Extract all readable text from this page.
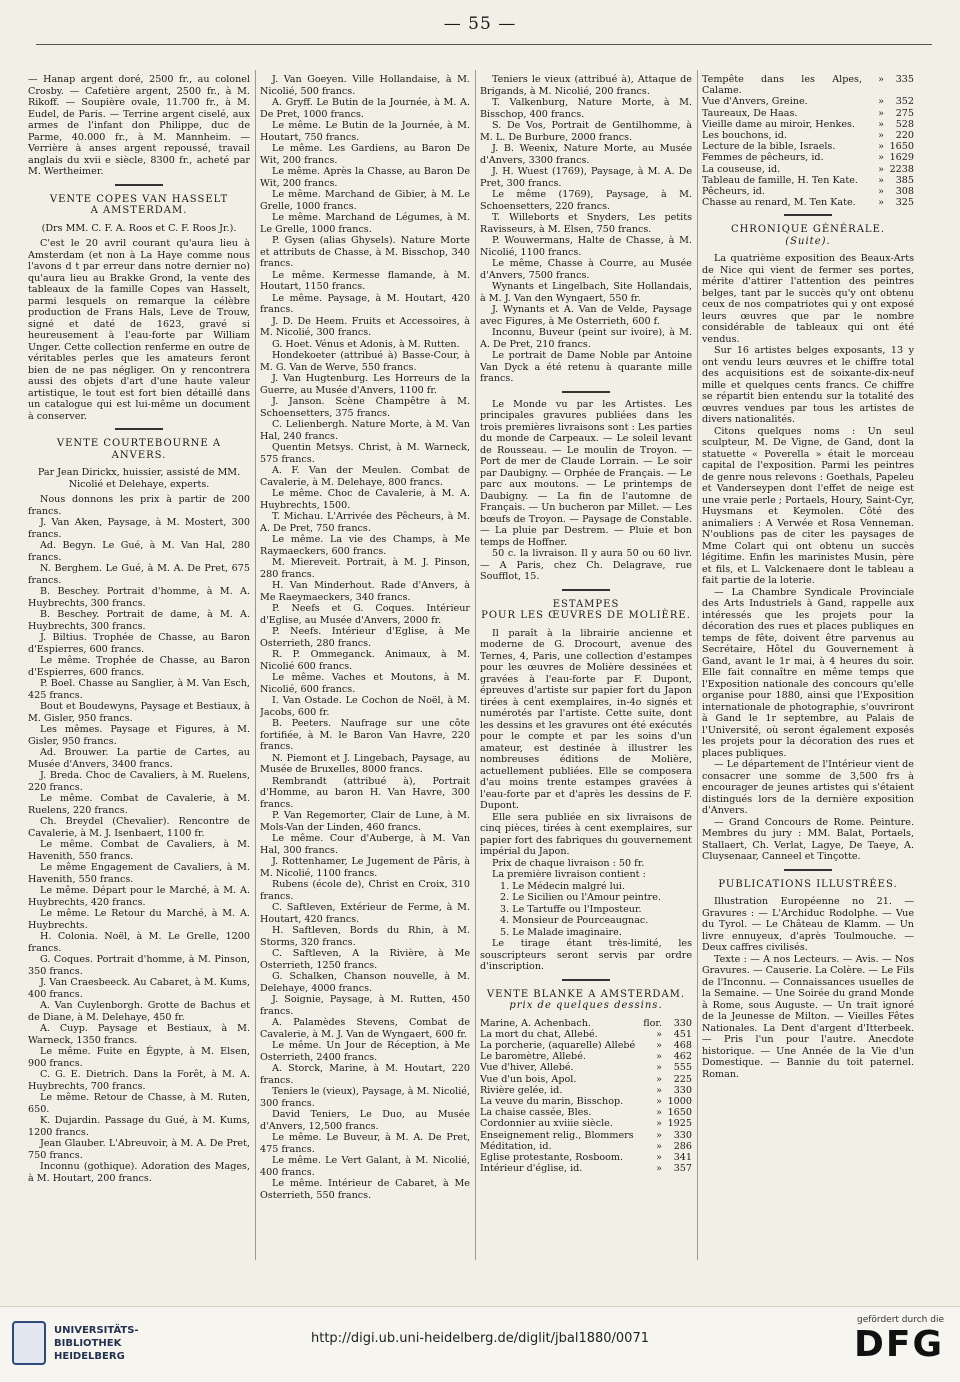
— 55 —

— Hanap argent doré, 2500 fr., au colonel Crosby. — Cafetière argent, 2500 fr., à M. Rikoff. — Soupière ovale, 11.700 fr., à M. Eudel, de Paris. — Terrine argent ciselé, aux armes de l'infant don Philippe, duc de Parme, 40.000 fr., à M. Mannheim. — Verrière à anses argent repoussé, travail anglais du xvii e siècle, 8300 fr., acheté par M. Wertheimer.

VENTE COPES VAN HASSELT
A AMSTERDAM.

(Drs MM. C. F. A. Roos et C. F. Roos Jr.).

C'est le 20 avril courant qu'aura lieu à Amsterdam (et non à La Haye comme nous l'avons d t par erreur dans notre dernier no) qu'aura lieu au Brakke Grond, la vente des tableaux de la famille Copes van Hasselt, parmi lesquels on remarque la célèbre production de Frans Hals, Leve de Trouw, signé et daté de 1623, gravé si heureusement à l'eau-forte par William Unger. Cette collection renferme en outre de véritables perles que les amateurs feront bien de ne pas négliger. On y rencontrera aussi des objets d'art d'une haute valeur artistique, le tout est fort bien détaillé dans un catalogue qui est lui-même un document à conserver.

VENTE COURTEBOURNE A
ANVERS.

Par Jean Dirickx, huissier, assisté de MM. Nicolié et Delehaye, experts.

Nous donnons les prix à partir de 200 francs.

J. Van Aken, Paysage, à M. Mostert, 300 francs.

Ad. Begyn. Le Gué, à M. Van Hal, 280 francs.

N. Berghem. Le Gué, à M. A. De Pret, 675 francs.

B. Beschey. Portrait d'homme, à M. A. Huybrechts, 300 francs.

B. Beschey. Portrait de dame, à M. A. Huybrechts, 300 francs.

J. Biltius. Trophée de Chasse, au Baron d'Espierres, 600 francs.

Le même. Trophée de Chasse, au Baron d'Espierres, 600 francs.

P. Boel. Chasse au Sanglier, à M. Van Esch, 425 francs.

Bout et Boudewyns, Paysage et Bestiaux, à M. Gisler, 950 francs.

Les mêmes. Paysage et Figures, à M. Gisler, 950 francs.

Ad. Brouwer. La partie de Cartes, au Musée d'Anvers, 3400 francs.

J. Breda. Choc de Cavaliers, à M. Ruelens, 220 francs.

Le même. Combat de Cavalerie, à M. Ruelens, 220 francs.

Ch. Breydel (Chevalier). Rencontre de Cavalerie, à M. J. Isenbaert, 1100 fr.

Le même. Combat de Cavaliers, à M. Havenith, 550 francs.

Le même Engagement de Cavaliers, à M. Havenith, 550 francs.

Le même. Départ pour le Marché, à M. A. Huybrechts, 420 francs.

Le même. Le Retour du Marché, à M. A. Huybrechts.

H. Colonia. Noël, à M. Le Grelle, 1200 francs.

G. Coques. Portrait d'homme, à M. Pinson, 350 francs.

J. Van Craesbeeck. Au Cabaret, à M. Kums, 400 francs.

A. Van Cuylenborgh. Grotte de Bachus et de Diane, à M. Delehaye, 450 fr.

A. Cuyp. Paysage et Bestiaux, à M. Warneck, 1350 francs.

Le même. Fuite en Égypte, à M. Elsen, 900 francs.

C. G. E. Dietrich. Dans la Forêt, à M. A. Huybrechts, 700 francs.

Le même. Retour de Chasse, à M. Ruten, 650.

K. Dujardin. Passage du Gué, à M. Kums, 1200 francs.

Jean Glauber. L'Abreuvoir, à M. A. De Pret, 750 francs.

Inconnu (gothique). Adoration des Mages, à M. Houtart, 200 francs.

J. Van Goeyen. Ville Hollandaise, à M. Nicolié, 500 francs.

A. Gryff. Le Butin de la Journée, à M. A. De Pret, 1000 francs.

Le même. Le Butin de la Journée, à M. Houtart, 750 francs.

Le même. Les Gardiens, au Baron De Wit, 200 francs.

Le même. Après la Chasse, au Baron De Wit, 200 francs.

Le même. Marchand de Gibier, à M. Le Grelle, 1000 francs.

Le même. Marchand de Légumes, à M. Le Grelle, 1000 francs.

P. Gysen (alias Ghysels). Nature Morte et attributs de Chasse, à M. Bisschop, 340 francs.

Le même. Kermesse flamande, à M. Houtart, 1150 francs.

Le même. Paysage, à M. Houtart, 420 francs.

J. D. De Heem. Fruits et Accessoires, à M. Nicolié, 300 francs.

G. Hoet. Vénus et Adonis, à M. Rutten.

Hondekoeter (attribué à) Basse-Cour, à M. G. Van de Werve, 550 francs.

J. Van Hugtenburg. Les Horreurs de la Guerre, au Musée d'Anvers, 1100 fr.

J. Janson. Scène Champêtre à M. Schoensetters, 375 francs.

C. Lelienbergh. Nature Morte, à M. Van Hal, 240 francs.

Quentin Metsys. Christ, à M. Warneck, 575 francs.

A. F. Van der Meulen. Combat de Cavalerie, à M. Delehaye, 800 francs.

Le même. Choc de Cavalerie, à M. A. Huybrechts, 1500.

T. Michau. L'Arrivée des Pêcheurs, à M. A. De Pret, 750 francs.

Le même. La vie des Champs, à Me Raymaeckers, 600 francs.

M. Miereveit. Portrait, à M. J. Pinson, 280 francs.

H. Van Minderhout. Rade d'Anvers, à Me Raeymaeckers, 340 francs.

P. Neefs et G. Coques. Intérieur d'Eglise, au Musée d'Anvers, 2000 fr.

P. Neefs. Intérieur d'Eglise, à Me Osterrieth, 280 francs.

R. P. Ommeganck. Animaux, à M. Nicolié 600 francs.

Le même. Vaches et Moutons, à M. Nicolié, 600 francs.

I. Van Ostade. Le Cochon de Noël, à M. Jacobs, 600 fr.

B. Peeters. Naufrage sur une côte fortifiée, à M. le Baron Van Havre, 220 francs.

N. Piemont et J. Lingebach, Paysage, au Musée de Bruxelles, 8000 francs.

Rembrandt (attribué à), Portrait d'Homme, au baron H. Van Havre, 300 francs.

P. Van Regemorter, Clair de Lune, à M. Mols-Van der Linden, 460 francs.

Le même. Cour d'Auberge, à M. Van Hal, 300 francs.

J. Rottenhamer, Le Jugement de Pâris, à M. Nicolié, 1100 francs.

Rubens (école de), Christ en Croix, 310 francs.

C. Saftleven, Extérieur de Ferme, à M. Houtart, 420 francs.

H. Saftleven, Bords du Rhin, à M. Storms, 320 francs.

C. Saftleven, A la Rivière, à Me Osterrieth, 1250 francs.

G. Schalken, Chanson nouvelle, à M. Delehaye, 4000 francs.

J. Soignie, Paysage, à M. Rutten, 450 francs.

A. Palamèdes Stevens, Combat de Cavalerie, à M. J. Van de Wyngaert, 600 fr.

Le même. Un Jour de Réception, à Me Osterrieth, 2400 francs.

A. Storck, Marine, à M. Houtart, 220 francs.

Teniers le (vieux), Paysage, à M. Nicolié, 300 francs.

David Teniers, Le Duo, au Musée d'Anvers, 12,500 francs.

Le même. Le Buveur, à M. A. De Pret, 475 francs.

Le même. Le Vert Galant, à M. Nicolié, 400 francs.

Le même. Intérieur de Cabaret, à Me Osterrieth, 550 francs.

Teniers le vieux (attribué à), Attaque de Brigands, à M. Nicolié, 200 francs.

T. Valkenburg, Nature Morte, à M. Bisschop, 400 francs.

S. De Vos, Portrait de Gentilhomme, à M. L. De Burbure, 2000 francs.

J. B. Weenix, Nature Morte, au Musée d'Anvers, 3300 francs.

J. H. Wuest (1769), Paysage, à M. A. De Pret, 300 francs.

Le même (1769), Paysage, à M. Schoensetters, 220 francs.

T. Willeborts et Snyders, Les petits Ravisseurs, à M. Elsen, 750 francs.

P. Wouwermans, Halte de Chasse, à M. Nicolié, 1100 francs.

Le même, Chasse à Courre, au Musée d'Anvers, 7500 francs.

Wynants et Lingelbach, Site Hollandais, à M. J. Van den Wyngaert, 550 fr.

J. Wynants et A. Van de Velde, Paysage avec Figures, à Me Osterrieth, 600 f.

Inconnu, Buveur (peint sur ivoire), à M. A. De Pret, 210 francs.

Le portrait de Dame Noble par Antoine Van Dyck a été retenu à quarante mille francs.

Le Monde vu par les Artistes. Les principales gravures publiées dans les trois premières livraisons sont : Les parties du monde de Carpeaux. — Le soleil levant de Rousseau. — Le moulin de Troyon. — Port de mer de Claude Lorrain. — Le soir par Daubigny. — Orphée de Français. — Le parc aux moutons. — Le printemps de Daubigny. — La fin de l'automne de Français. — Un bucheron par Millet. — Les bœufs de Troyon. — Paysage de Constable. — La pluie par Destrem. — Pluie et bon temps de Hoffner.

50 c. la livraison. Il y aura 50 ou 60 livr. — A Paris, chez Ch. Delagrave, rue Soufflot, 15.

ESTAMPES
POUR LES ŒUVRES DE MOLIÈRE.

Il paraît à la librairie ancienne et moderne de G. Drocourt, avenue des Ternes, 4, Paris, une collection d'estampes pour les œuvres de Molière dessinées et gravées à l'eau-forte par F. Dupont, épreuves d'artiste sur papier fort du Japon tirées à cent exemplaires, in-4o signés et numérotés par l'artiste. Cette suite, dont les dessins et les gravures ont été exécutés pour le compte et par les soins d'un amateur, est destinée à illustrer les nombreuses éditions de Molière, actuellement publiées. Elle se composera d'au moins trente estampes gravées à l'eau-forte par et d'après les dessins de F. Dupont.

Elle sera publiée en six livraisons de cinq pièces, tirées à cent exemplaires, sur papier fort des fabriques du gouvernement impérial du Japon.

Prix de chaque livraison : 50 fr.

La première livraison contient :

1. Le Médecin malgré lui.
2. Le Sicilien ou l'Amour peintre.
3. Le Tartuffe ou l'Imposteur.
4. Monsieur de Pourceaugnac.
5. Le Malade imaginaire.

Le tirage étant très-limité, les souscripteurs seront servis par ordre d'inscription.

VENTE BLANKE A AMSTERDAM.
prix de quelques dessins.
Marine, A. Achenbach.	flor.	330
La mort du chat, Allebé.	»	451
La porcherie, (aquarelle) Allebé	»	468
Le baromètre, Allebé.	»	462
Vue d'hiver, Allebé.	»	555
Vue d'un bois, Apol.	»	225
Rivière gelée, id.	»	330
La veuve du marin, Bisschop.	»	1000
La chaise cassée, Bles.	»	1650
Cordonnier au xviiie siècle.	»	1925
Enseignement relig., Blommers	»	330
Méditation, id.	»	286
Eglise protestante, Rosboom.	»	341
Intérieur d'église, id.	»	357
Tempête dans les Alpes, Calame.	»	335
Vue d'Anvers, Greine.	»	352
Taureaux, De Haas.	»	275
Vieille dame au miroir, Henkes.	»	528
Les bouchons, id.	»	220
Lecture de la bible, Israels.	»	1650
Femmes de pêcheurs, id.	»	1629
La couseuse, id.	»	2238
Tableau de famille, H. Ten Kate.	»	385
Pêcheurs, id.	»	308
Chasse au renard, M. Ten Kate.	»	325
CHRONIQUE GÉNÉRALE.
(Suite).

La quatrième exposition des Beaux-Arts de Nice qui vient de fermer ses portes, mérite d'attirer l'attention des peintres belges, tant par le succès qu'y ont obtenu ceux de nos compatriotes qui y ont exposé leurs œuvres que par le nombre considérable de tableaux qui ont été vendus.

Sur 16 artistes belges exposants, 13 y ont vendu leurs œuvres et le chiffre total des acquisitions est de soixante-dix-neuf mille et quelques cents francs. Ce chiffre se répartit bien entendu sur la totalité des œuvres vendues par tous les artistes de divers nationalités.

Citons quelques noms : Un seul sculpteur, M. De Vigne, de Gand, dont la statuette « Poverella » était le morceau capital de l'exposition. Parmi les peintres de genre nous relevons : Goethals, Papeleu et Vanderseypen dont l'effet de neige est une vraie perle ; Portaels, Houry, Saint-Cyr, Huysmans et Keymolen. Côté des animaliers : A Verwée et Rosa Venneman. N'oublions pas de citer les paysages de Mme Colart qui ont obtenu un succès légitime. Enfin les marinistes Musin, père et fils, et L. Valckenaere dont le tableau a fait partie de la loterie.

— La Chambre Syndicale Provinciale des Arts Industriels à Gand, rappelle aux intéressés que les projets pour la décoration des rues et places publiques en temps de fête, doivent être parvenus au Secrétaire, Hôtel du Gouvernement à Gand, avant le 1r mai, à 4 heures du soir. Elle fait connaître en même temps que l'Exposition nationale des concours qu'elle organise pour 1880, ainsi que l'Exposition internationale de photographie, s'ouvriront à Gand le 1r septembre, au Palais de l'Université, où seront également exposés les projets pour la décoration des rues et places publiques.

— Le département de l'Intérieur vient de consacrer une somme de 3,500 frs à encourager de jeunes artistes qui s'étaient distingués lors de la dernière exposition d'Anvers.

— Grand Concours de Rome. Peinture. Membres du jury : MM. Balat, Portaels, Stallaert, Ch. Verlat, Lagye, De Taeye, A. Cluysenaar, Canneel et Tinçotte.

PUBLICATIONS ILLUSTRÉES.

Illustration Européenne no 21. — Gravures : — L'Archiduc Rodolphe. — Vue du Tyrol. — Le Château de Klamm. — Un livre ennuyeux, d'après Toulmouche. — Deux caffres civilisés.

Texte : — A nos Lecteurs. — Avis. — Nos Gravures. — Causerie. La Colère. — Le Fils de l'Inconnu. — Connaissances usuelles de la Semaine. — Une Soirée du grand Monde à Rome, sous Auguste. — Un trait ignoré de la Jeunesse de Milton. — Vieilles Fêtes Nationales. La Dent d'argent d'Itterbeek. — Pris l'un pour l'autre. Anecdote historique. — Une Année de la Vie d'un Domestique. — Bannie du toit paternel. Roman.

UNIVERSITÄTS-
BIBLIOTHEK
HEIDELBERG
http://digi.ub.uni-heidelberg.de/diglit/jbal1880/0071
gefördert durch die
DFG
